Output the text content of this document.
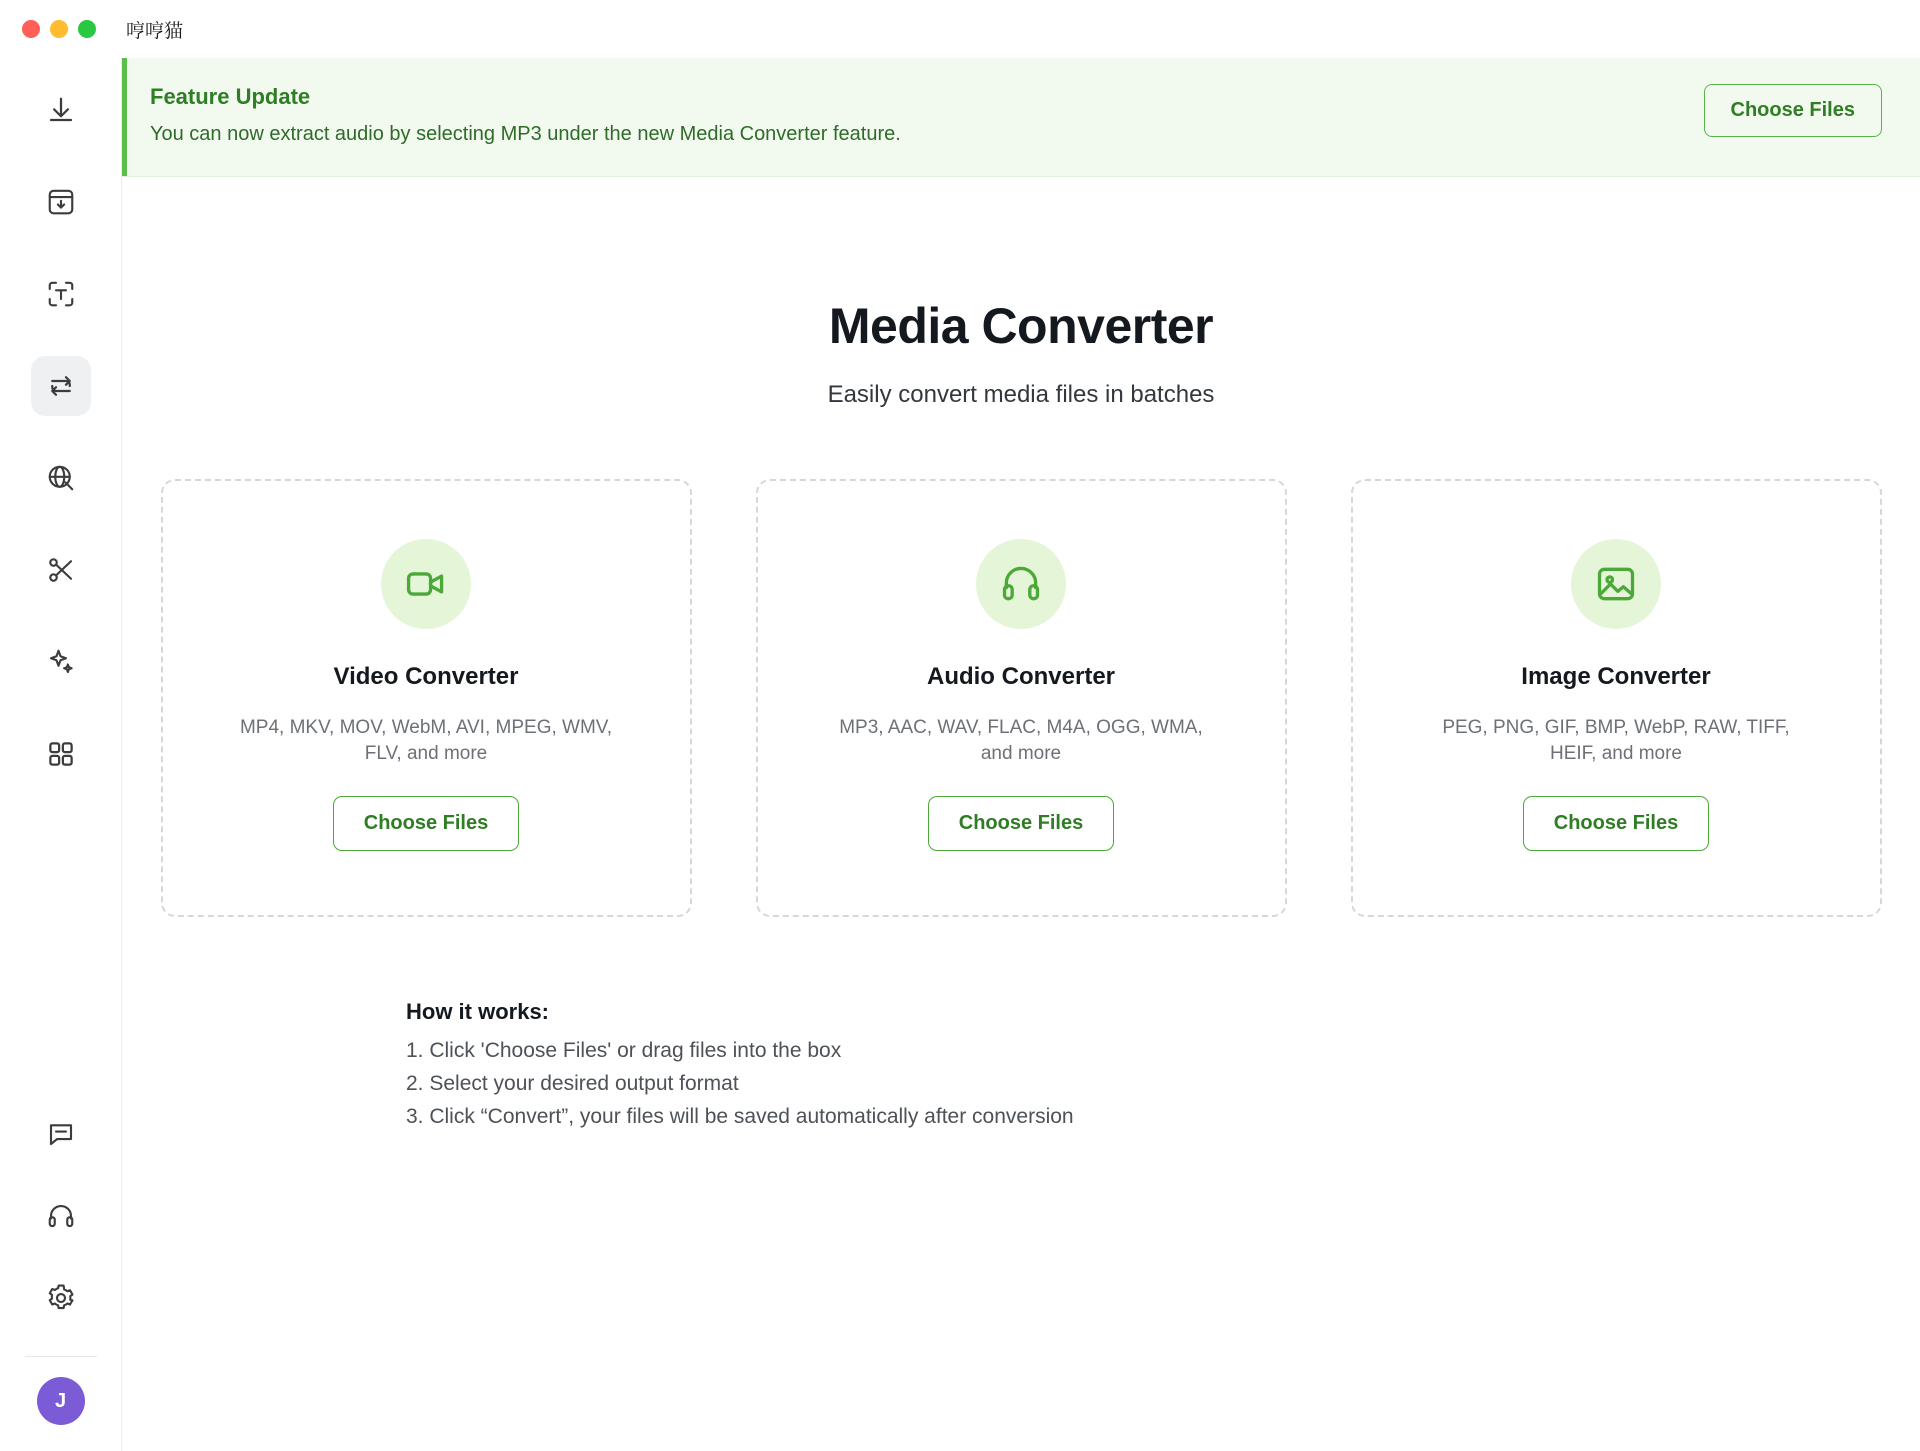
哼哼猫
J
Feature Update
You can now extract audio by selecting MP3 under the new Media Converter feature.
Choose Files
Media Converter
Easily convert media files in batches
Video Converter
MP4, MKV, MOV, WebM, AVI, MPEG, WMV, FLV, and more
Choose Files
Audio Converter
MP3, AAC, WAV, FLAC, M4A, OGG, WMA, and more
Choose Files
Image Converter
PEG, PNG, GIF, BMP, WebP, RAW, TIFF, HEIF, and more
Choose Files
How it works:
1. Click 'Choose Files' or drag files into the box
2. Select your desired output format
3. Click “Convert”, your files will be saved automatically after conversion
